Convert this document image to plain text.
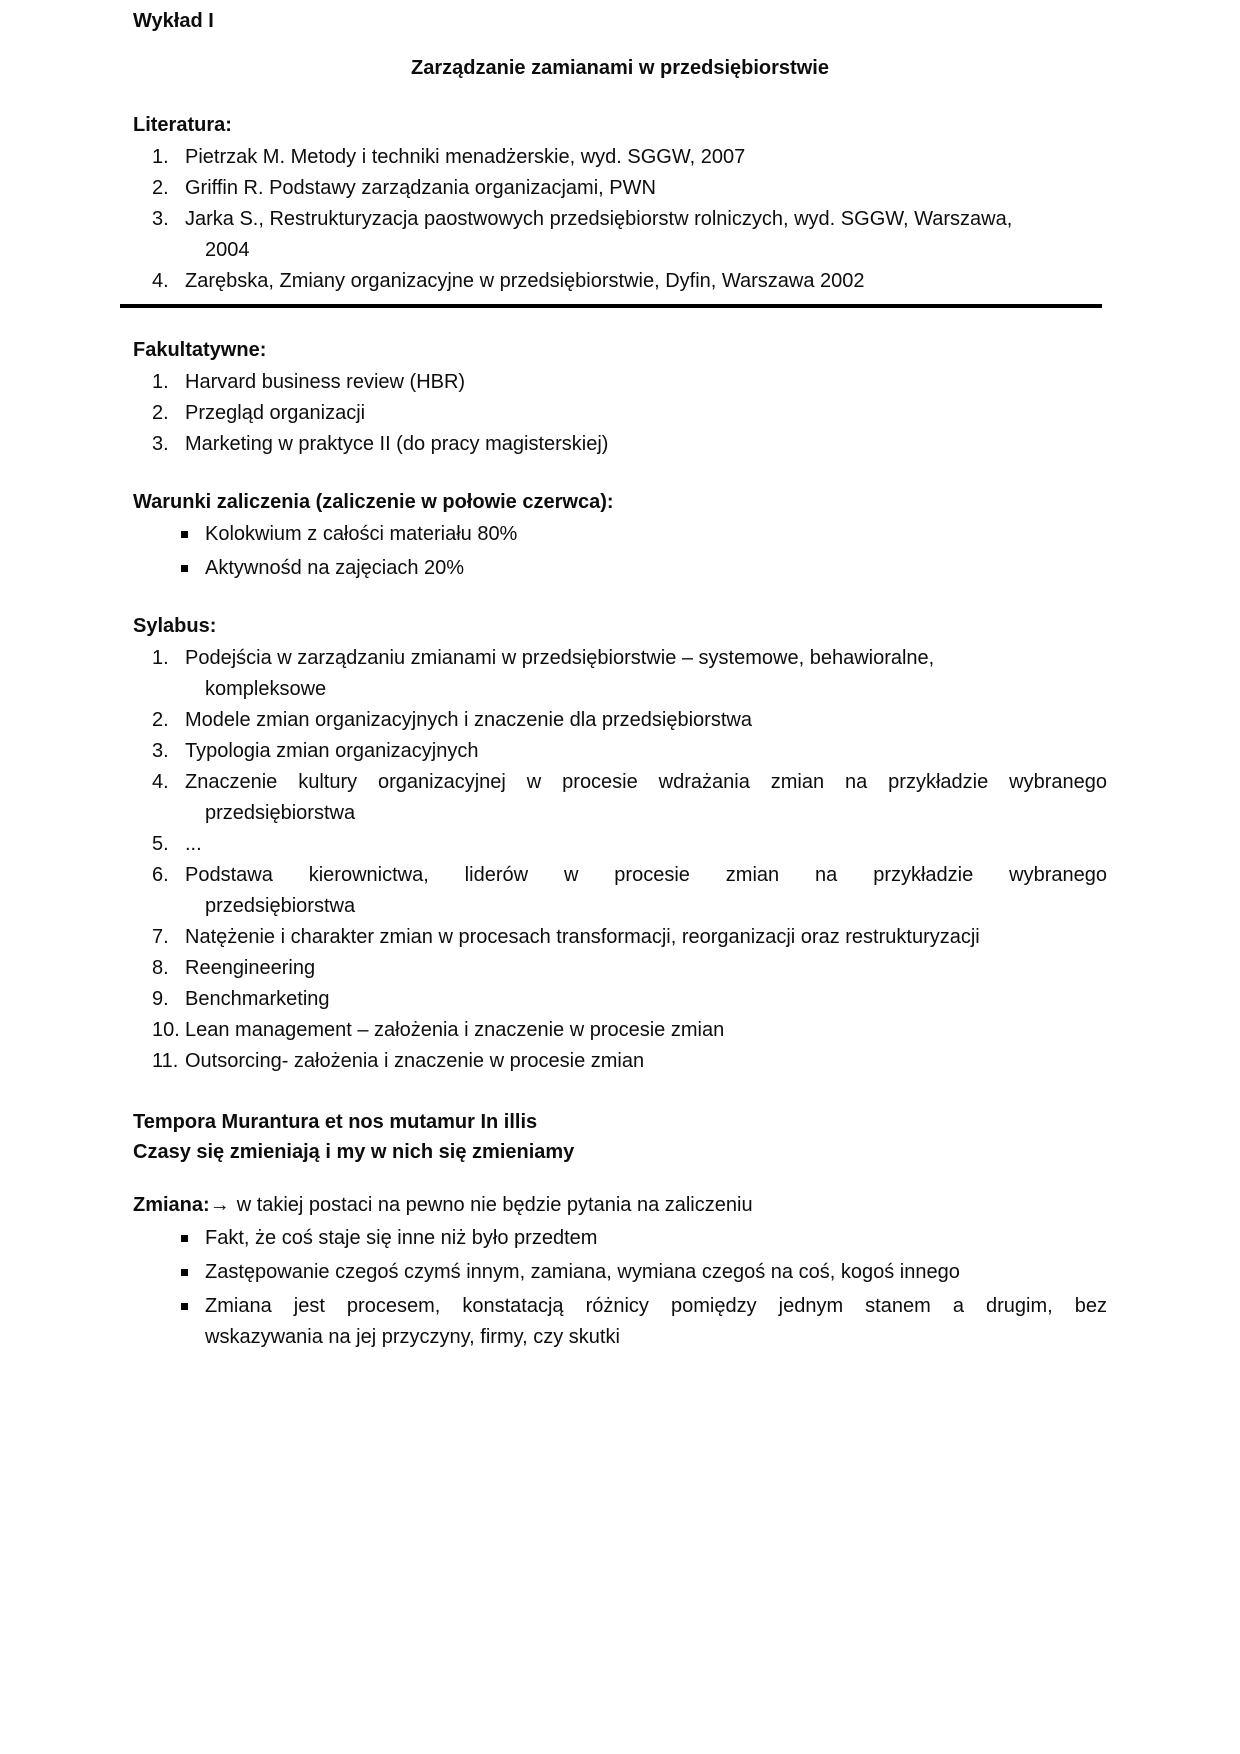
Wykład I
Zarządzanie zamianami w przedsiębiorstwie
Literatura:
1. Pietrzak M. Metody i techniki menadżerskie, wyd. SGGW, 2007
2. Griffin R. Podstawy zarządzania organizacjami, PWN
3. Jarka S., Restrukturyzacja paostwowych przedsiębiorstw rolniczych, wyd. SGGW, Warszawa,
2004
4. Zarębska, Zmiany organizacyjne w przedsiębiorstwie, Dyfin, Warszawa 2002
Fakultatywne:
1. Harvard business review (HBR)
2. Przegląd organizacji
3. Marketing w praktyce II (do pracy magisterskiej)
Warunki zaliczenia (zaliczenie w połowie czerwca):
Kolokwium z całości materiału 80%
Aktywnośd na zajęciach 20%
Sylabus:
1. Podejścia w zarządzaniu zmianami w przedsiębiorstwie – systemowe, behawioralne,
kompleksowe
2. Modele zmian organizacyjnych i znaczenie dla przedsiębiorstwa
3. Typologia zmian organizacyjnych
4. Znaczenie kultury organizacyjnej w procesie wdrażania zmian na przykładzie wybranego
przedsiębiorstwa
5. ...
6. Podstawa kierownictwa, liderów w procesie zmian na przykładzie wybranego
przedsiębiorstwa
7. Natężenie i charakter zmian w procesach transformacji, reorganizacji oraz restrukturyzacji
8. Reengineering
9. Benchmarketing
10. Lean management – założenia i znaczenie w procesie zmian
11. Outsorcing- założenia i znaczenie w procesie zmian
Tempora Murantura et nos mutamur In illis
Czasy się zmieniają i my w nich się zmieniamy
Zmiana:→ w takiej postaci na pewno nie będzie pytania na zaliczeniu
Fakt, że coś staje się inne niż było przedtem
Zastępowanie czegoś czymś innym, zamiana, wymiana czegoś na coś, kogoś innego
Zmiana jest procesem, konstatacją różnicy pomiędzy jednym stanem a drugim, bez
wskazywania na jej przyczyny, firmy, czy skutki
